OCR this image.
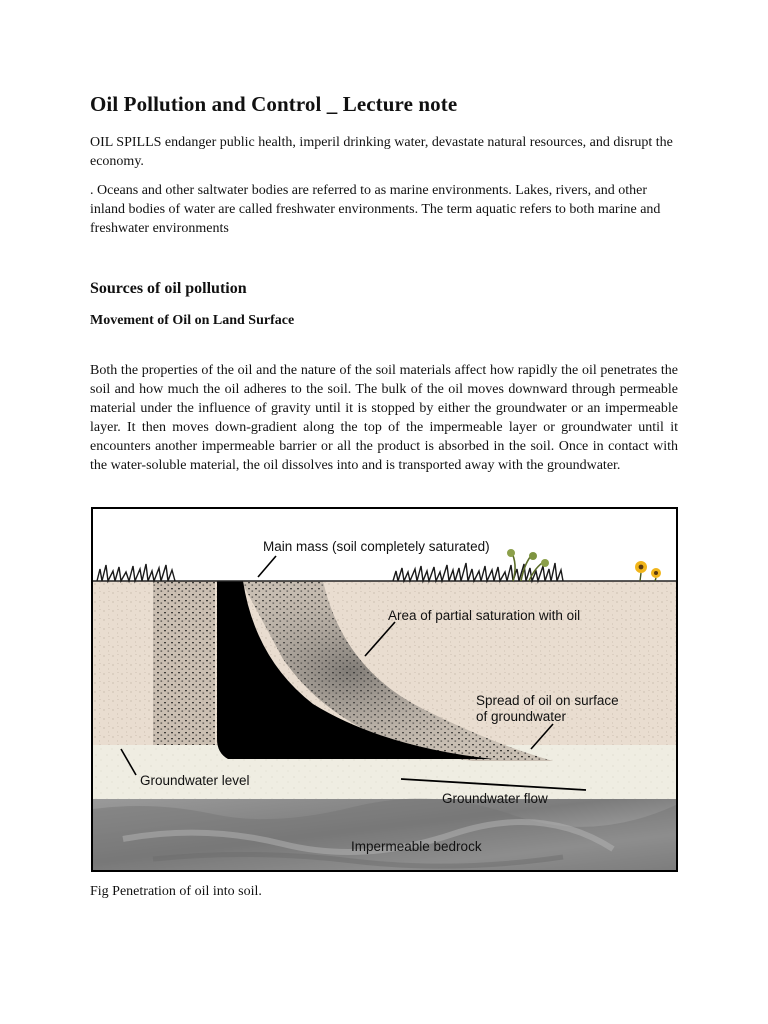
Oil Pollution and Control _ Lecture note

OIL SPILLS endanger public health, imperil drinking water, devastate natural resources, and disrupt the economy.

. Oceans and other saltwater bodies are referred to as marine environments. Lakes, rivers, and other inland bodies of water are called freshwater environments. The term aquatic refers to both marine and freshwater environments

Sources of oil pollution
Movement of Oil on Land Surface

Both the properties of the oil and the nature of the soil materials affect how rapidly the oil penetrates the soil and how much the oil adheres to the soil. The bulk of the oil moves downward through permeable material under the influence of gravity until it is stopped by either the groundwater or an impermeable layer. It then moves down-gradient along the top of the impermeable layer or groundwater until it encounters another impermeable barrier or all the product is absorbed in the soil. Once in contact with the water-soluble material, the oil dissolves into and is transported away with the groundwater.

Main mass (soil completely saturated)
Area of partial saturation with oil
Spread of oil on surface
of groundwater
Groundwater level
Groundwater flow
Impermeable bedrock

Fig Penetration of oil into soil.
